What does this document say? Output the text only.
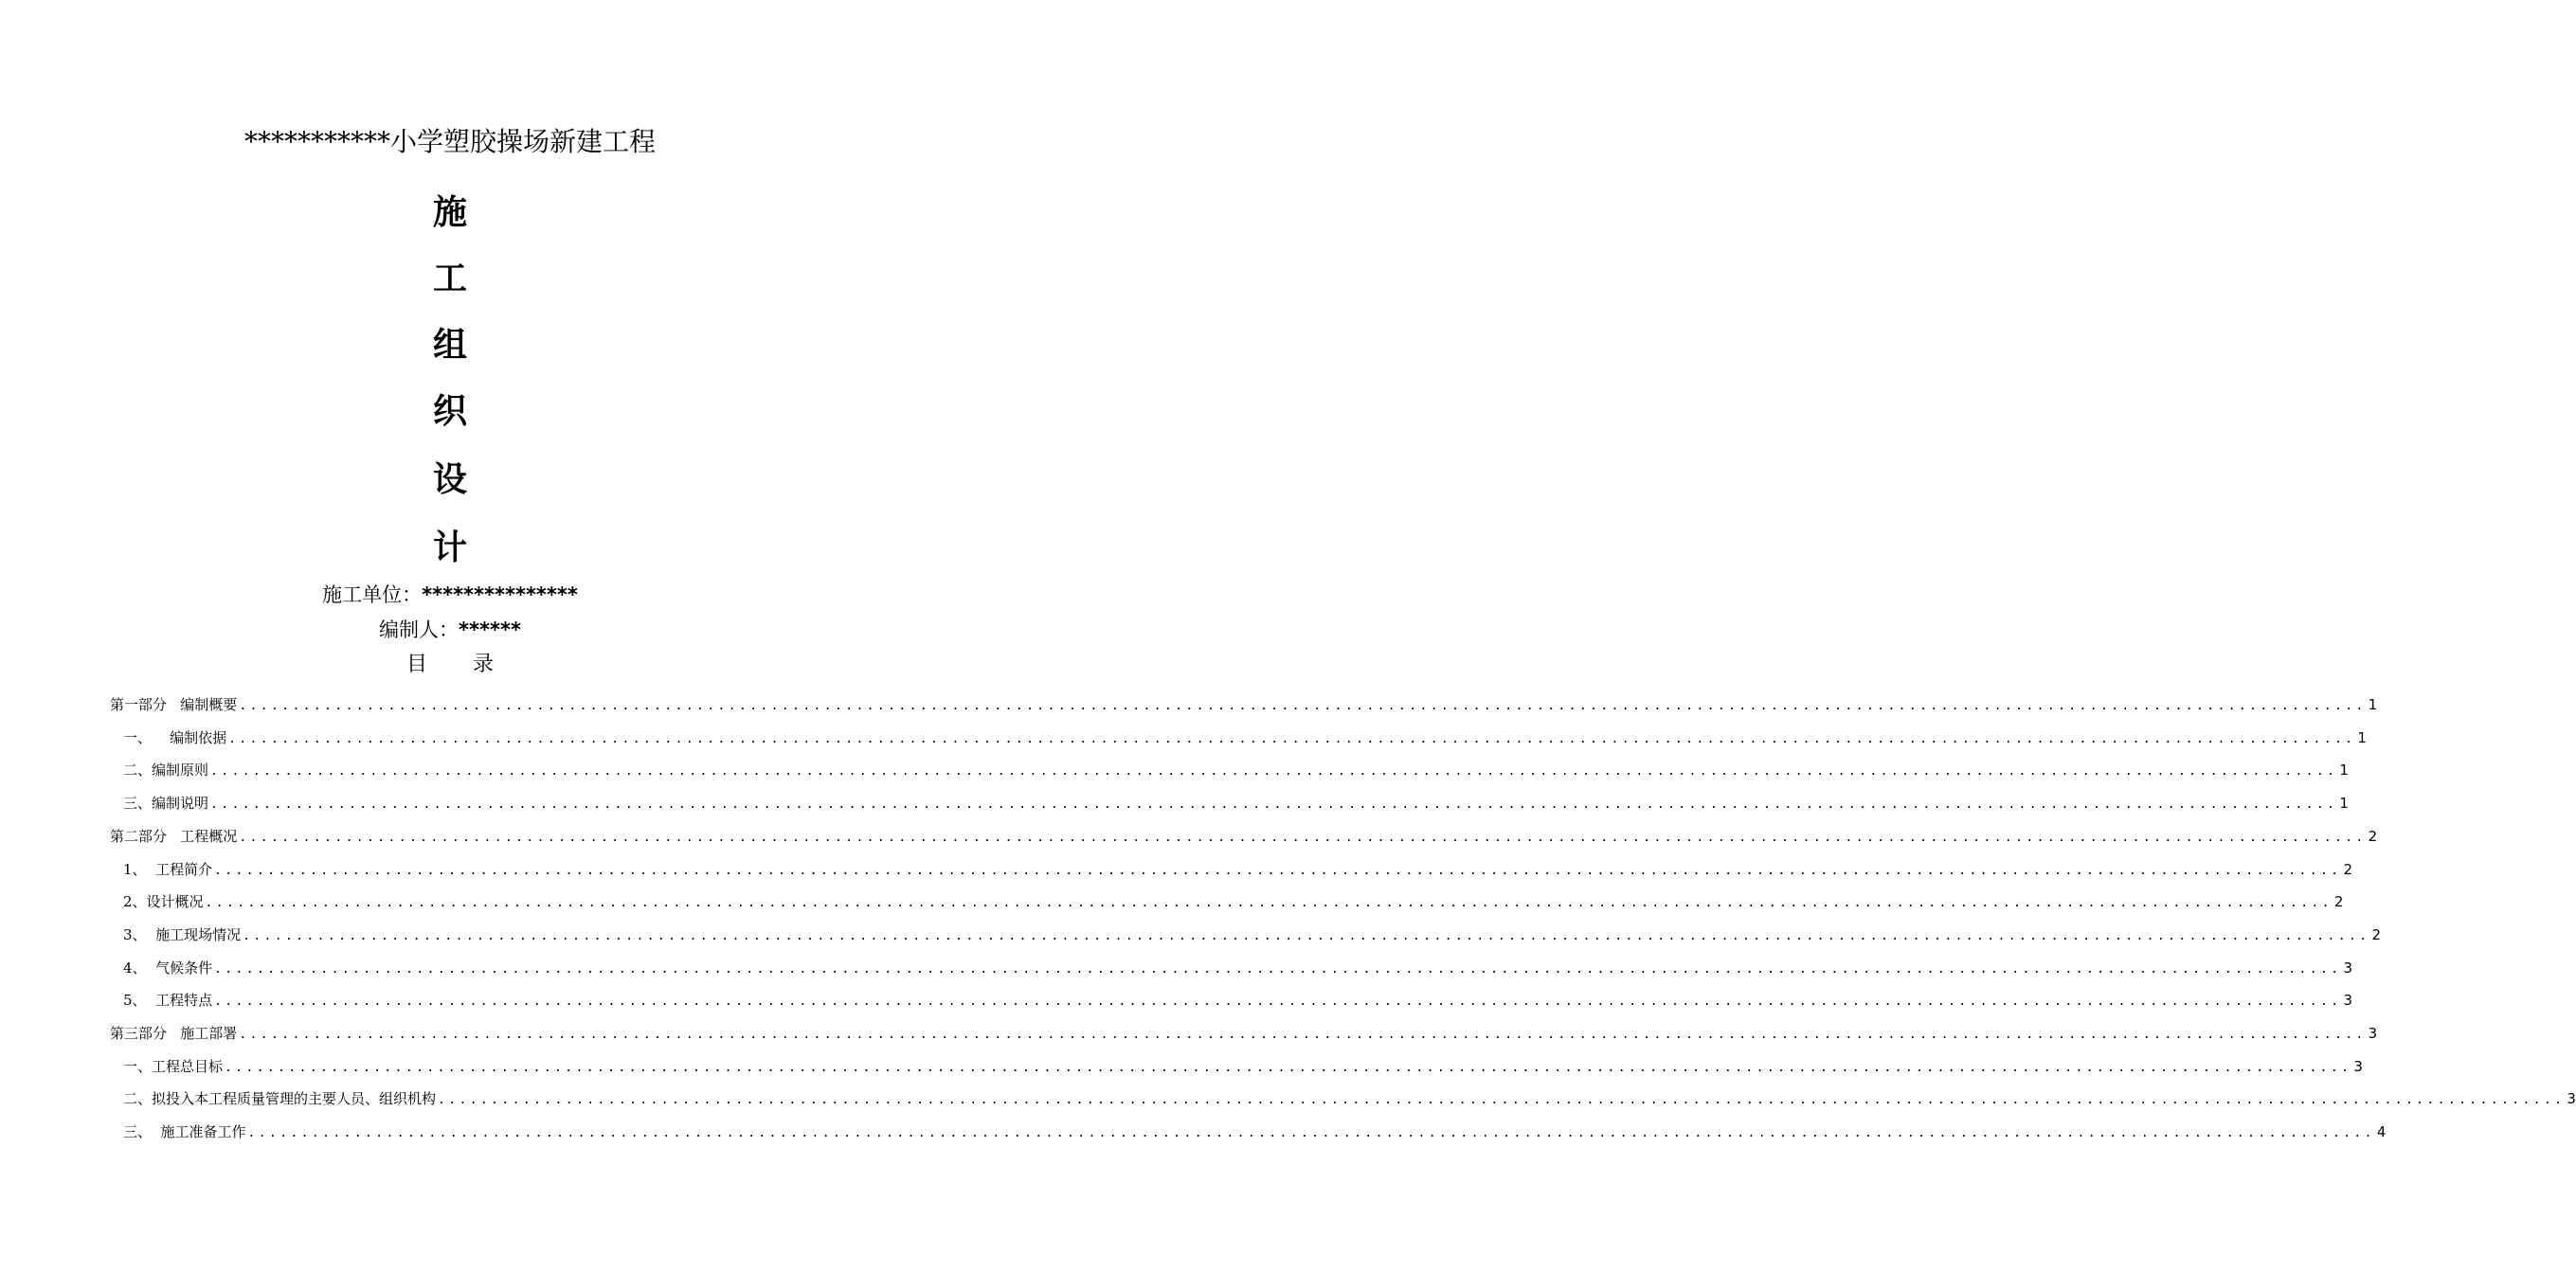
***********小学塑胶操场新建工程
施
工
组
织
设
计
施工单位：***************
编制人：******
目 录
第一部分   编制概要 ........................................................................................................................................................................................................ 1
一、    编制依据 ........................................................................................................................................................................................................ 1
二、编制原则 ........................................................................................................................................................................................................ 1
三、编制说明 ........................................................................................................................................................................................................ 1
第二部分   工程概况 ........................................................................................................................................................................................................ 2
1、  工程简介 ........................................................................................................................................................................................................ 2
2、设计概况 ........................................................................................................................................................................................................ 2
3、  施工现场情况 ........................................................................................................................................................................................................ 2
4、  气候条件 ........................................................................................................................................................................................................ 3
5、  工程特点 ........................................................................................................................................................................................................ 3
第三部分   施工部署 ........................................................................................................................................................................................................ 3
一、工程总目标 ........................................................................................................................................................................................................ 3
二、拟投入本工程质量管理的主要人员、组织机构 ........................................................................................................................................................................................................ 3
三、  施工准备工作 ........................................................................................................................................................................................................ 4
